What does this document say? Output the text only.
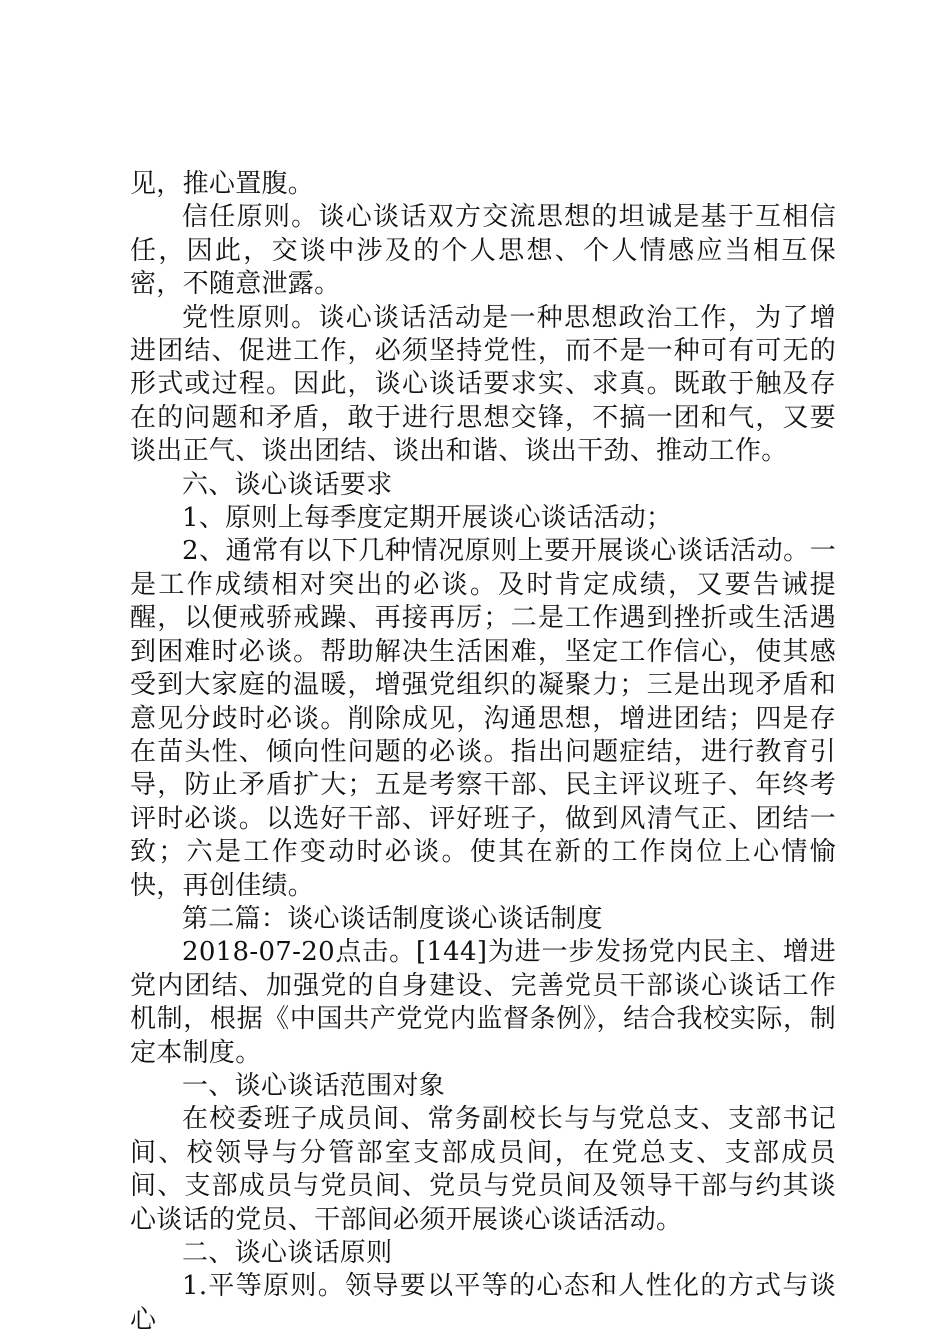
见，推心置腹。

信任原则。谈心谈话双方交流思想的坦诚是基于互相信任，因此，交谈中涉及的个人思想、个人情感应当相互保密，不随意泄露。

党性原则。谈心谈话活动是一种思想政治工作，为了增进团结、促进工作，必须坚持党性，而不是一种可有可无的形式或过程。因此，谈心谈话要求实、求真。既敢于触及存在的问题和矛盾，敢于进行思想交锋，不搞一团和气，又要谈出正气、谈出团结、谈出和谐、谈出干劲、推动工作。

六、谈心谈话要求

1、原则上每季度定期开展谈心谈话活动；

2、通常有以下几种情况原则上要开展谈心谈话活动。一是工作成绩相对突出的必谈。及时肯定成绩，又要告诫提醒，以便戒骄戒躁、再接再厉；二是工作遇到挫折或生活遇到困难时必谈。帮助解决生活困难，坚定工作信心，使其感受到大家庭的温暖，增强党组织的凝聚力；三是出现矛盾和意见分歧时必谈。削除成见，沟通思想，增进团结；四是存在苗头性、倾向性问题的必谈。指出问题症结，进行教育引导，防止矛盾扩大；五是考察干部、民主评议班子、年终考评时必谈。以选好干部、评好班子，做到风清气正、团结一致；六是工作变动时必谈。使其在新的工作岗位上心情愉快，再创佳绩。

第二篇：谈心谈话制度谈心谈话制度

2018-07-20点击。[144]为进一步发扬党内民主、增进党内团结、加强党的自身建设、完善党员干部谈心谈话工作机制，根据《中国共产党党内监督条例》，结合我校实际，制定本制度。

一、谈心谈话范围对象

在校委班子成员间、常务副校长与与党总支、支部书记间、校领导与分管部室支部成员间，在党总支、支部成员间、支部成员与党员间、党员与党员间及领导干部与约其谈心谈话的党员、干部间必须开展谈心谈话活动。

二、谈心谈话原则

1.平等原则。领导要以平等的心态和人性化的方式与谈心
